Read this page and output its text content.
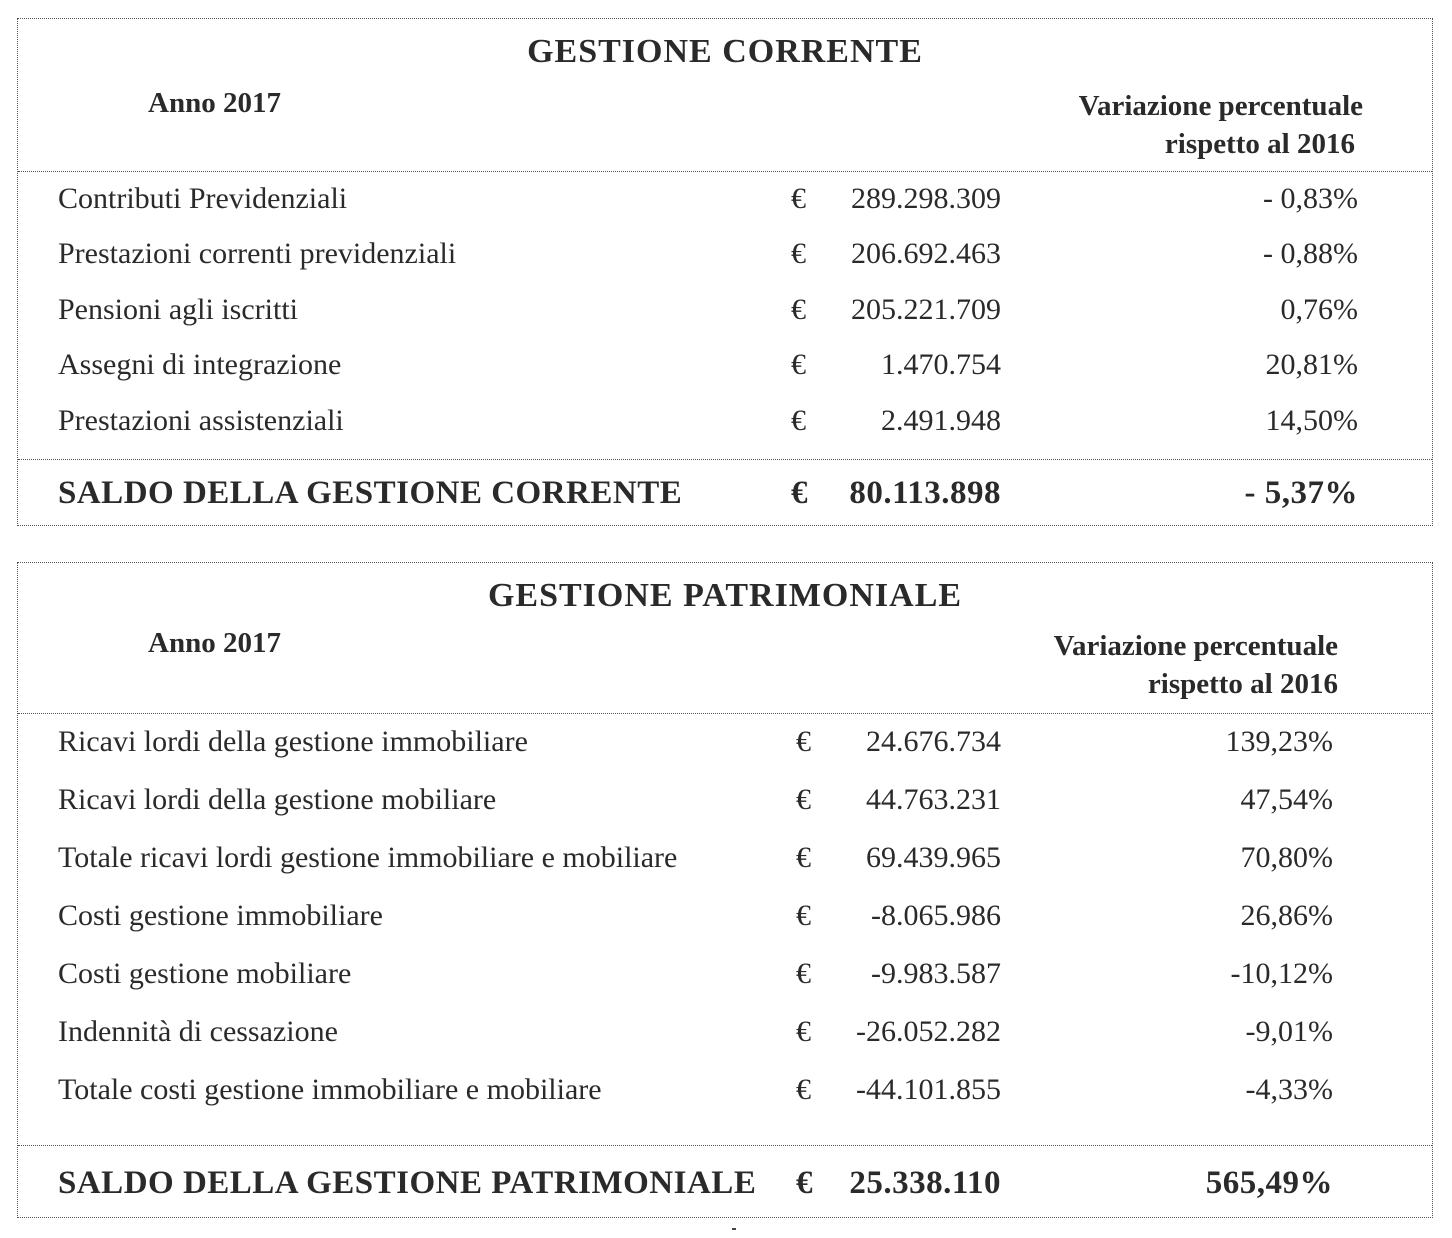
GESTIONE CORRENTE
Anno 2017	Variazione percentuale
rispetto al 2016
Contributi Previdenziali	€	289.298.309	- 0,83%
Prestazioni correnti previdenziali	€	206.692.463	- 0,88%
Pensioni agli iscritti	€	205.221.709	0,76%
Assegni di integrazione	€	1.470.754	20,81%
Prestazioni assistenziali	€	2.491.948	14,50%
SALDO DELLA GESTIONE CORRENTE	€	80.113.898	- 5,37%
GESTIONE PATRIMONIALE
Anno 2017	Variazione percentuale
rispetto al 2016
Ricavi lordi della gestione immobiliare	€	24.676.734	139,23%
Ricavi lordi della gestione mobiliare	€	44.763.231	47,54%
Totale ricavi lordi gestione immobiliare e mobiliare	€	69.439.965	70,80%
Costi gestione immobiliare	€	-8.065.986	26,86%
Costi gestione mobiliare	€	-9.983.587	-10,12%
Indennità di cessazione	€	-26.052.282	-9,01%
Totale costi gestione immobiliare e mobiliare	€	-44.101.855	-4,33%
SALDO DELLA GESTIONE PATRIMONIALE €	25.338.110	565,49%
